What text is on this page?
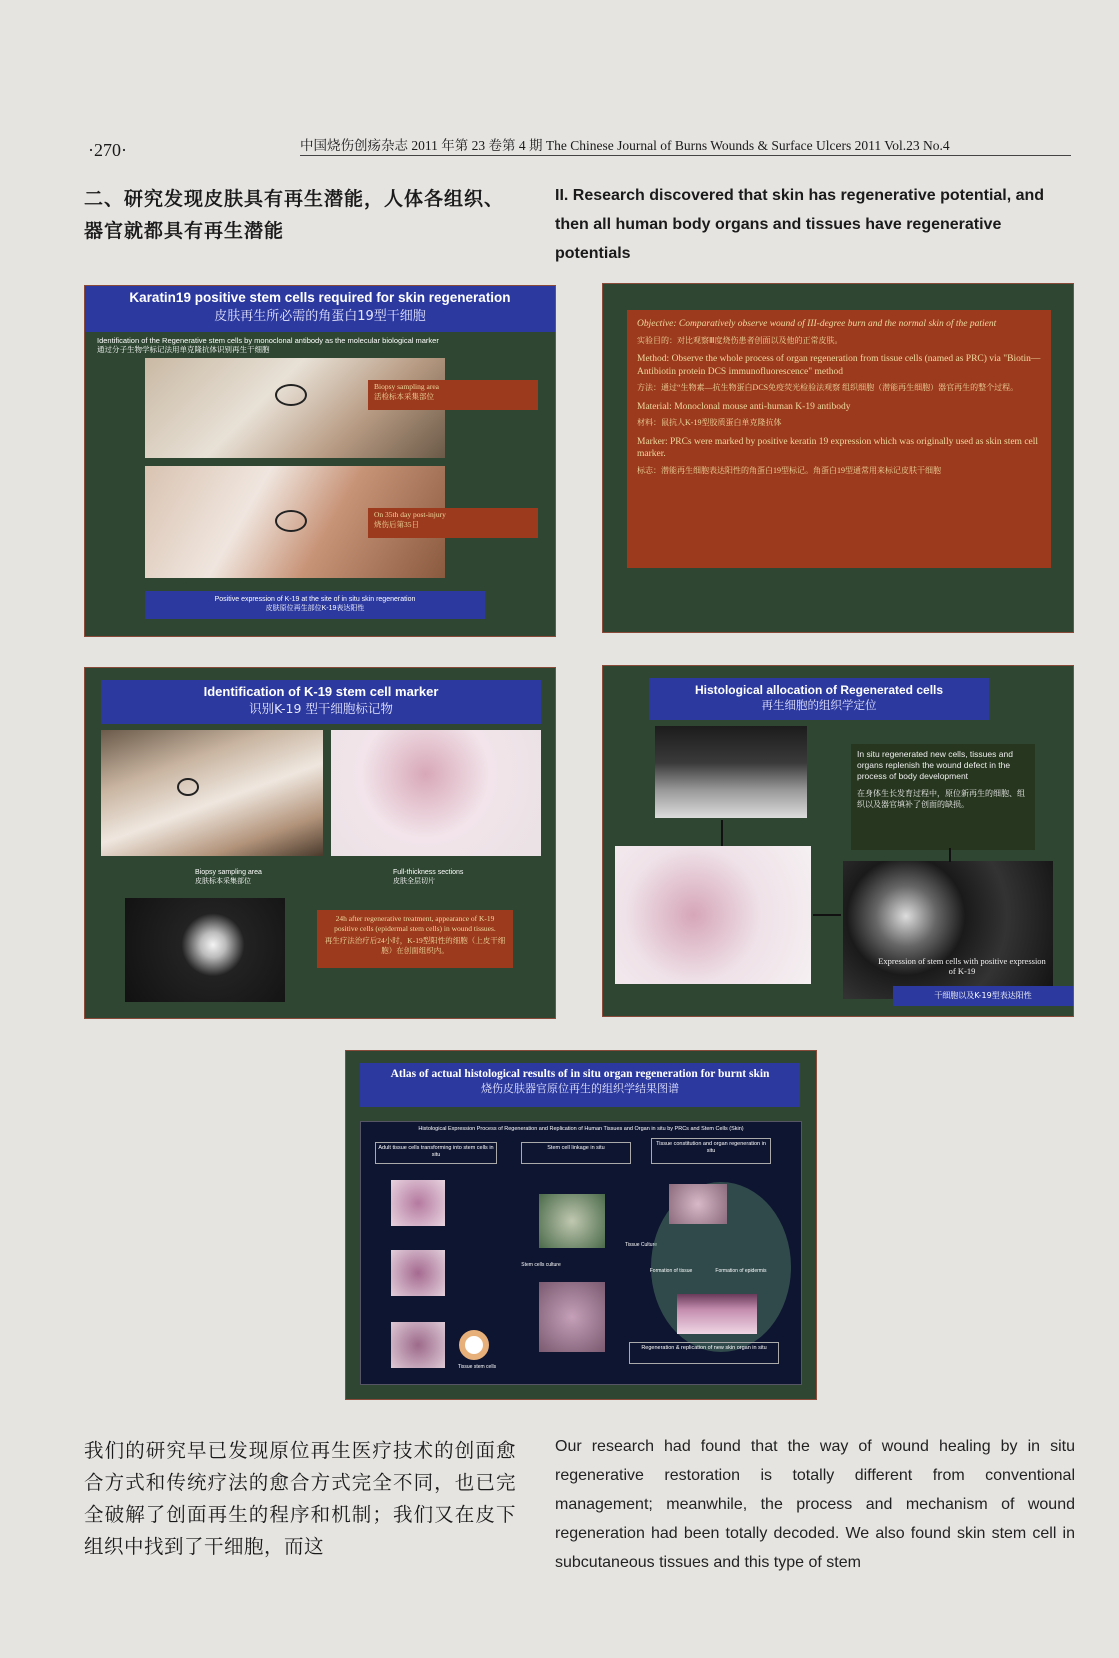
·270·	中国烧伤创疡杂志 2011 年第 23 卷第 4 期 The Chinese Journal of Burns Wounds & Surface Ulcers 2011 Vol.23 No.4
二、研究发现皮肤具有再生潜能，人体各组织、器官就都具有再生潜能
II. Research discovered that skin has regenerative potential, and then all human body organs and tissues have regenerative potentials
Karatin19 positive stem cells required for skin regeneration
皮肤再生所必需的角蛋白19型干细胞
Identification of the Regenerative stem cells by monoclonal antibody as the molecular biological marker
通过分子生物学标记法用单克隆抗体识别再生干细胞
Biopsy sampling area
活检标本采集部位
On 35th day post-injury
烧伤后第35日
Positive expression of K-19 at the site of in situ skin regeneration
皮肤原位再生部位K-19表达阳性
Objective: Comparatively observe wound of III-degree burn and the normal skin of the patient
实验目的：对比观察Ⅲ度烧伤患者创面以及他的正常皮肤。
Method: Observe the whole process of organ regeneration from tissue cells (named as PRC) via "Biotin—Antibiotin protein DCS immunofluorescence" method
方法：通过“生物素—抗生物蛋白DCS免疫荧光检验法观察 组织细胞（潜能再生细胞）器官再生的整个过程。
Material: Monoclonal mouse anti-human K-19 antibody
材料：鼠抗人K-19型胶质蛋白单克隆抗体
Marker: PRCs were marked by positive keratin 19 expression which was originally used as skin stem cell marker.
标志：潜能再生细胞表达阳性的角蛋白19型标记。角蛋白19型通常用来标记皮肤干细胞
Identification of K-19 stem cell marker
识别K-19 型干细胞标记物
Biopsy sampling area
皮肤标本采集部位
Full-thickness sections
皮肤全层切片
24h after regenerative treatment, appearance of K-19 positive cells (epidermal stem cells) in wound tissues.
再生疗法治疗后24小时，K-19型阳性的细胞（上皮干细胞）在创面组织内。
Histological allocation of Regenerated cells
再生细胞的组织学定位
In situ regenerated new cells, tissues and organs replenish the wound defect in the process of body development
在身体生长发育过程中，原位新再生的细胞、组织以及器官填补了创面的缺损。
Expression of stem cells with positive expression of K-19
干细胞以及K-19型表达阳性
Atlas of actual histological results of in situ organ regeneration for burnt skin
烧伤皮肤器官原位再生的组织学结果图谱
Histological Expression Process of Regeneration and Replication of Human Tissues and Organ in situ by PRCs and Stem Cells (Skin)
Adult tissue cells transforming into stem cells in situ
Stem cell linkage in situ
Tissue constitution and organ regeneration in situ
Tissue stem cells
Stem cells culture
Tissue Culture
Formation of tissue	Formation of epidermis
Regeneration & replication of new skin organ in situ
我们的研究早已发现原位再生医疗技术的创面愈合方式和传统疗法的愈合方式完全不同，也已完全破解了创面再生的程序和机制；我们又在皮下组织中找到了干细胞，而这
Our research had found that the way of wound healing by in situ regenerative restoration is totally different from conventional management; meanwhile, the process and mechanism of wound regeneration had been totally decoded. We also found skin stem cell in subcutaneous tissues and this type of stem
